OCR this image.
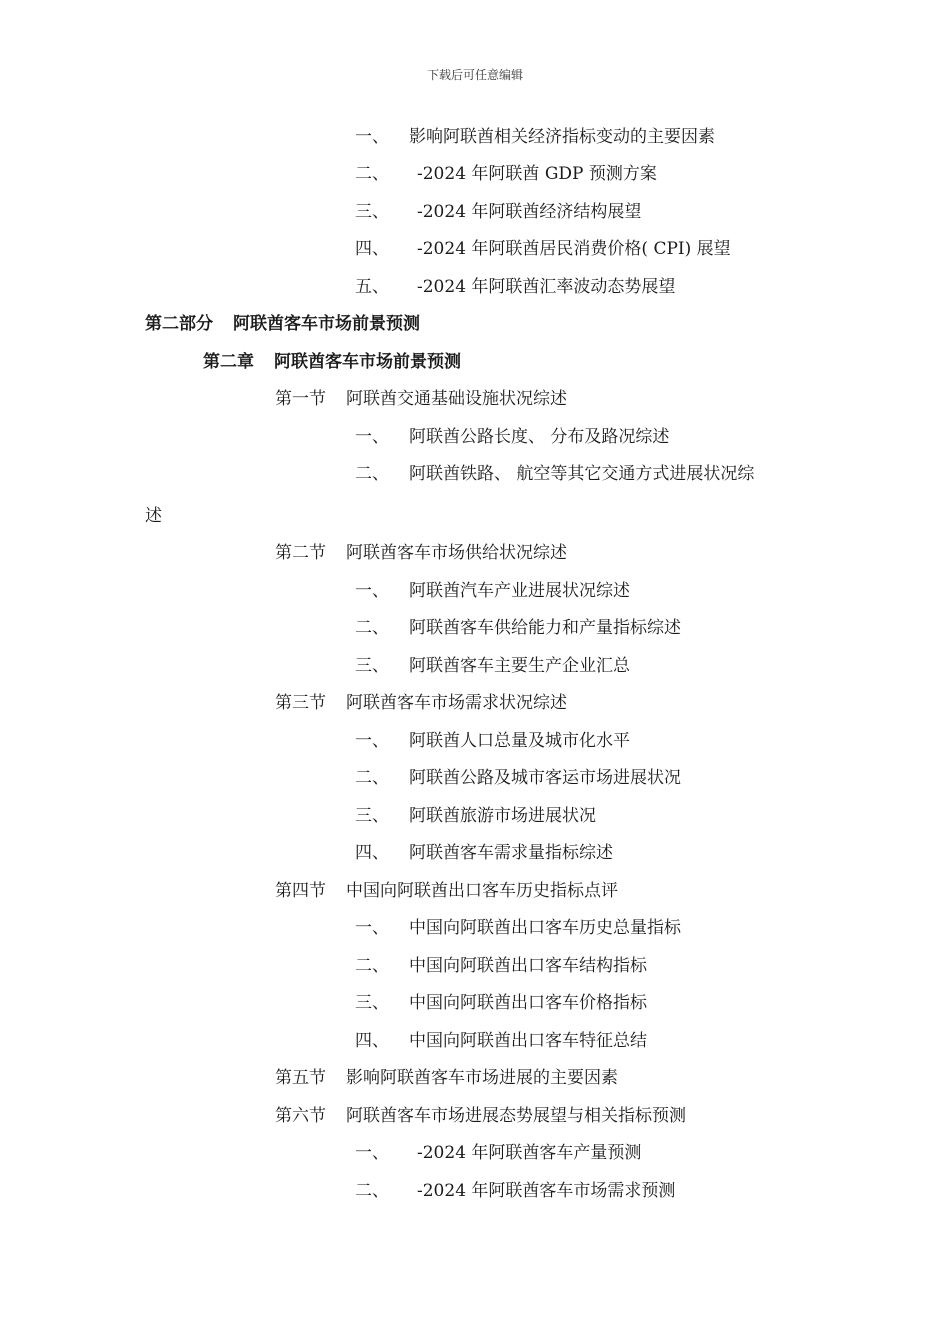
下载后可任意编辑
一、 影响阿联酋相关经济指标变动的主要因素
二、 -2024 年阿联酋 GDP 预测方案
三、 -2024 年阿联酋经济结构展望
四、 -2024 年阿联酋居民消费价格( CPI) 展望
五、 -2024 年阿联酋汇率波动态势展望
第二部分 阿联酋客车市场前景预测
第二章 阿联酋客车市场前景预测
第一节 阿联酋交通基础设施状况综述
一、 阿联酋公路长度、 分布及路况综述
二、 阿联酋铁路、 航空等其它交通方式进展状况综
述
第二节 阿联酋客车市场供给状况综述
一、 阿联酋汽车产业进展状况综述
二、 阿联酋客车供给能力和产量指标综述
三、 阿联酋客车主要生产企业汇总
第三节 阿联酋客车市场需求状况综述
一、 阿联酋人口总量及城市化水平
二、 阿联酋公路及城市客运市场进展状况
三、 阿联酋旅游市场进展状况
四、 阿联酋客车需求量指标综述
第四节 中国向阿联酋出口客车历史指标点评
一、 中国向阿联酋出口客车历史总量指标
二、 中国向阿联酋出口客车结构指标
三、 中国向阿联酋出口客车价格指标
四、 中国向阿联酋出口客车特征总结
第五节 影响阿联酋客车市场进展的主要因素
第六节 阿联酋客车市场进展态势展望与相关指标预测
一、 -2024 年阿联酋客车产量预测
二、 -2024 年阿联酋客车市场需求预测
